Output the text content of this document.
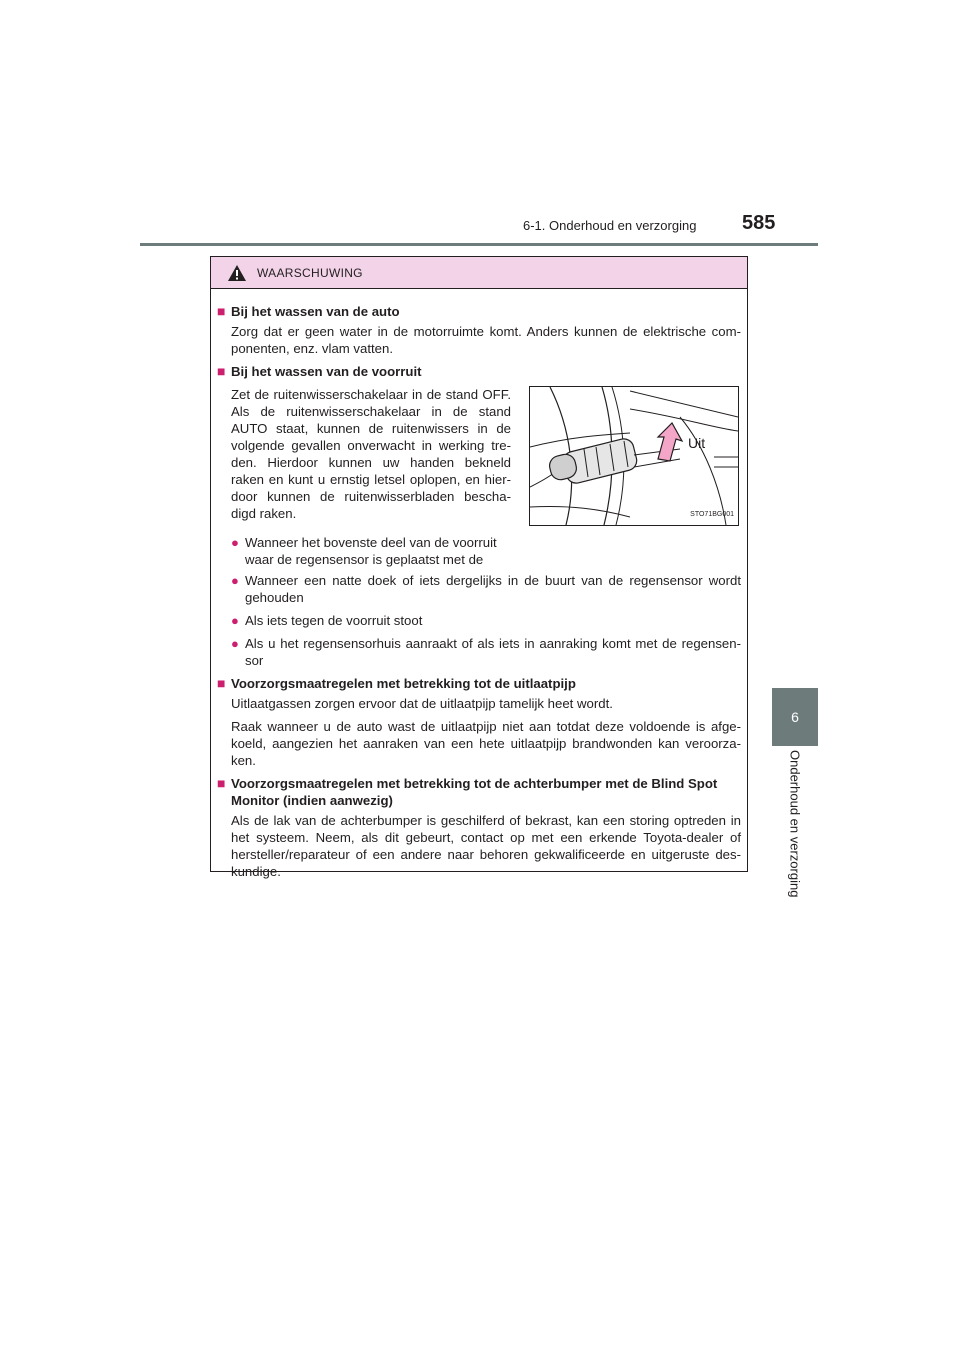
6-1. Onderhoud en verzorging 585
6
Onderhoud en verzorging
WAARSCHUWING
■ Bij het wassen van de auto
Zorg dat er geen water in de motorruimte komt. Anders kunnen de elektrische com-ponenten, enz. vlam vatten.
■ Bij het wassen van de voorruit
Zet de ruitenwisserschakelaar in de stand OFF. Als de ruitenwisserschakelaar in de stand AUTO staat, kunnen de ruitenwissers in de volgende gevallen onverwacht in werking tre-den. Hierdoor kunnen uw handen bekneld raken en kunt u ernstig letsel oplopen, en hier-door kunnen de ruitenwisserbladen bescha-digd raken.
Uit
STO71BG001
● Wanneer het bovenste deel van de voorruit waar de regensensor is geplaatst met de
● Wanneer een natte doek of iets dergelijks in de buurt van de regensensor wordt gehouden
● Als iets tegen de voorruit stoot
● Als u het regensensorhuis aanraakt of als iets in aanraking komt met de regensen-sor
■ Voorzorgsmaatregelen met betrekking tot de uitlaatpijp
Uitlaatgassen zorgen ervoor dat de uitlaatpijp tamelijk heet wordt.
Raak wanneer u de auto wast de uitlaatpijp niet aan totdat deze voldoende is afge-koeld, aangezien het aanraken van een hete uitlaatpijp brandwonden kan veroorza-ken.
■ Voorzorgsmaatregelen met betrekking tot de achterbumper met de Blind Spot Monitor (indien aanwezig)
Als de lak van de achterbumper is geschilferd of bekrast, kan een storing optreden in het systeem. Neem, als dit gebeurt, contact op met een erkende Toyota-dealer of hersteller/reparateur of een andere naar behoren gekwalificeerde en uitgeruste des-kundige.
